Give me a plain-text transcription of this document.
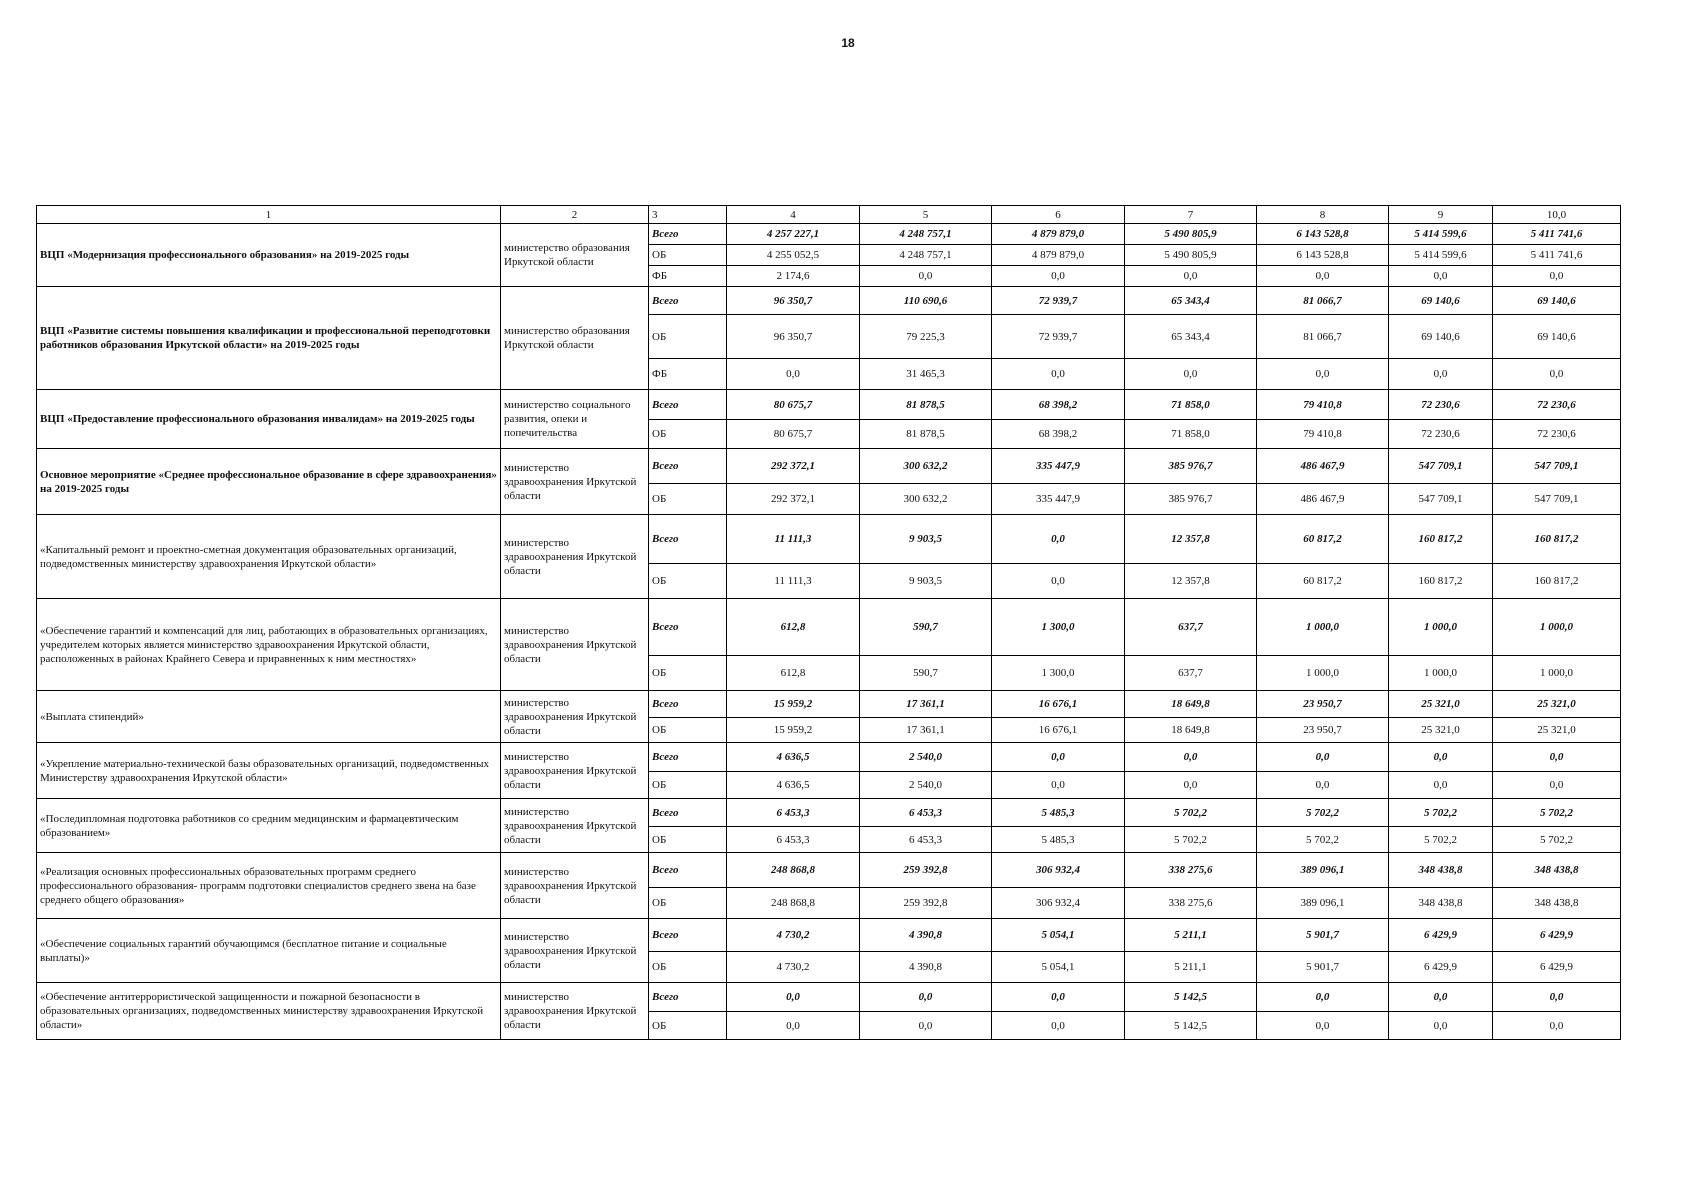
18
1	2	3	4	5	6	7	8	9	10,0
ВЦП «Модернизация профессионального образования» на 2019-2025 годы	министерство образования Иркутской области	Всего	4 257 227,1	4 248 757,1	4 879 879,0	5 490 805,9	6 143 528,8	5 414 599,6	5 411 741,6
		ОБ	4 255 052,5	4 248 757,1	4 879 879,0	5 490 805,9	6 143 528,8	5 414 599,6	5 411 741,6
		ФБ	2 174,6	0,0	0,0	0,0	0,0	0,0	0,0
ВЦП «Развитие системы повышения квалификации и профессиональной переподготовки работников образования Иркутской области» на 2019-2025 годы	министерство образования Иркутской области	Всего	96 350,7	110 690,6	72 939,7	65 343,4	81 066,7	69 140,6	69 140,6
		ОБ	96 350,7	79 225,3	72 939,7	65 343,4	81 066,7	69 140,6	69 140,6
		ФБ	0,0	31 465,3	0,0	0,0	0,0	0,0	0,0
ВЦП «Предоставление профессионального образования инвалидам» на 2019-2025 годы	министерство социального развития, опеки и попечительства	Всего	80 675,7	81 878,5	68 398,2	71 858,0	79 410,8	72 230,6	72 230,6
		ОБ	80 675,7	81 878,5	68 398,2	71 858,0	79 410,8	72 230,6	72 230,6
Основное мероприятие «Среднее профессиональное образование в сфере здравоохранения» на 2019-2025 годы	министерство здравоохранения Иркутской области	Всего	292 372,1	300 632,2	335 447,9	385 976,7	486 467,9	547 709,1	547 709,1
		ОБ	292 372,1	300 632,2	335 447,9	385 976,7	486 467,9	547 709,1	547 709,1
«Капитальный ремонт и проектно-сметная документация образовательных организаций, подведомственных министерству здравоохранения Иркутской области»	министерство здравоохранения Иркутской области	Всего	11 111,3	9 903,5	0,0	12 357,8	60 817,2	160 817,2	160 817,2
		ОБ	11 111,3	9 903,5	0,0	12 357,8	60 817,2	160 817,2	160 817,2
«Обеспечение гарантий и компенсаций для лиц, работающих в образовательных организациях, учредителем которых является министерство здравоохранения Иркутской области, расположенных в районах Крайнего Севера и приравненных к ним местностях»	министерство здравоохранения Иркутской области	Всего	612,8	590,7	1 300,0	637,7	1 000,0	1 000,0	1 000,0
		ОБ	612,8	590,7	1 300,0	637,7	1 000,0	1 000,0	1 000,0
«Выплата стипендий»	министерство здравоохранения Иркутской области	Всего	15 959,2	17 361,1	16 676,1	18 649,8	23 950,7	25 321,0	25 321,0
		ОБ	15 959,2	17 361,1	16 676,1	18 649,8	23 950,7	25 321,0	25 321,0
«Укрепление материально-технической базы образовательных организаций, подведомственных Министерству здравоохранения Иркутской области»	министерство здравоохранения Иркутской области	Всего	4 636,5	2 540,0	0,0	0,0	0,0	0,0	0,0
		ОБ	4 636,5	2 540,0	0,0	0,0	0,0	0,0	0,0
«Последипломная подготовка работников со средним медицинским и фармацевтическим образованием»	министерство здравоохранения Иркутской области	Всего	6 453,3	6 453,3	5 485,3	5 702,2	5 702,2	5 702,2	5 702,2
		ОБ	6 453,3	6 453,3	5 485,3	5 702,2	5 702,2	5 702,2	5 702,2
«Реализация основных профессиональных образовательных программ среднего профессионального образования- программ подготовки специалистов среднего звена на базе среднего общего образования»	министерство здравоохранения Иркутской области	Всего	248 868,8	259 392,8	306 932,4	338 275,6	389 096,1	348 438,8	348 438,8
		ОБ	248 868,8	259 392,8	306 932,4	338 275,6	389 096,1	348 438,8	348 438,8
«Обеспечение социальных гарантий обучающимся (бесплатное питание и социальные выплаты)»	министерство здравоохранения Иркутской области	Всего	4 730,2	4 390,8	5 054,1	5 211,1	5 901,7	6 429,9	6 429,9
		ОБ	4 730,2	4 390,8	5 054,1	5 211,1	5 901,7	6 429,9	6 429,9
«Обеспечение антитеррористической защищенности и пожарной безопасности в образовательных организациях, подведомственных министерству здравоохранения Иркутской области»	министерство здравоохранения Иркутской области	Всего	0,0	0,0	0,0	5 142,5	0,0	0,0	0,0
		ОБ	0,0	0,0	0,0	5 142,5	0,0	0,0	0,0
